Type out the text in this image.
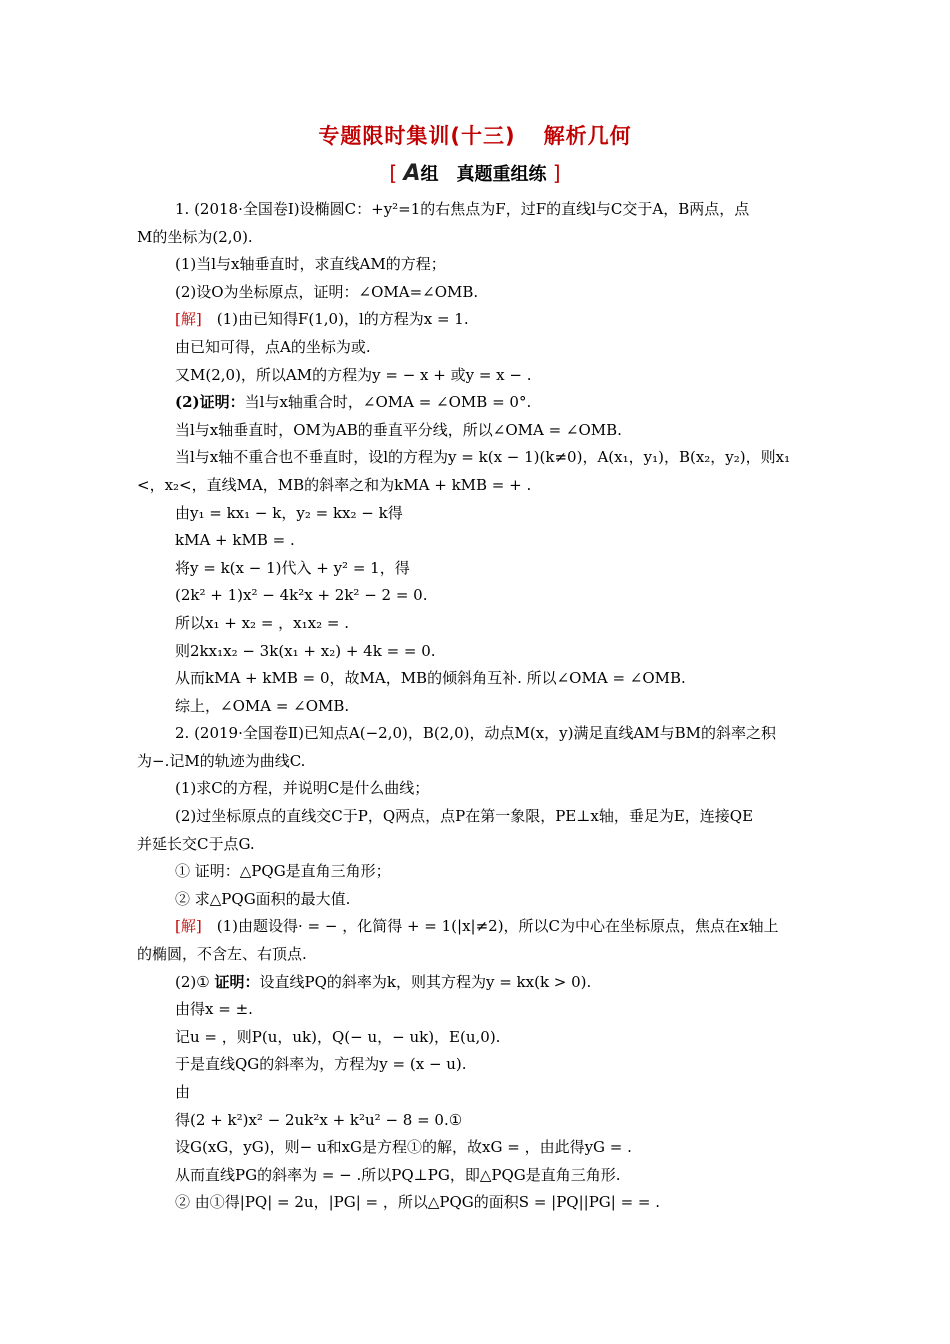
专题限时集训(十三) 解析几何
[ A组　真题重组练 ]

1. (2018·全国卷Ⅰ)设椭圆C：+y²=1的右焦点为F，过F的直线l与C交于A，B两点，点

M的坐标为(2,0).

(1)当l与x轴垂直时，求直线AM的方程；

(2)设O为坐标原点，证明：∠OMA=∠OMB.

[解]　 (1)由已知得F(1,0)，l的方程为x = 1.

由已知可得，点A的坐标为或.

又M(2,0)，所以AM的方程为y = − x + 或y = x − .

(2)证明：当l与x轴重合时，∠OMA = ∠OMB = 0°.

当l与x轴垂直时，OM为AB的垂直平分线，所以∠OMA = ∠OMB.

当l与x轴不重合也不垂直时，设l的方程为y = k(x − 1)(k≠0)，A(x₁，y₁)，B(x₂，y₂)，则x₁

<，x₂<，直线MA，MB的斜率之和为kMA + kMB = + .

由y₁ = kx₁ − k，y₂ = kx₂ − k得

kMA + kMB = .

将y = k(x − 1)代入 + y² = 1，得

(2k² + 1)x² − 4k²x + 2k² − 2 = 0.

所以x₁ + x₂ = ，x₁x₂ = .

则2kx₁x₂ − 3k(x₁ + x₂) + 4k = = 0.

从而kMA + kMB = 0，故MA，MB的倾斜角互补. 所以∠OMA = ∠OMB.

综上，∠OMA = ∠OMB.

2. (2019·全国卷Ⅱ)已知点A(−2,0)，B(2,0)，动点M(x，y)满足直线AM与BM的斜率之积

为−.记M的轨迹为曲线C.

(1)求C的方程，并说明C是什么曲线；

(2)过坐标原点的直线交C于P，Q两点，点P在第一象限，PE⊥x轴，垂足为E，连接QE

并延长交C于点G.

① 证明：△PQG是直角三角形；

② 求△PQG面积的最大值.

[解]　 (1)由题设得· = − ，化简得 + = 1(|x|≠2)，所以C为中心在坐标原点，焦点在x轴上

的椭圆，不含左、右顶点.

(2)① 证明：设直线PQ的斜率为k，则其方程为y = kx(k > 0).

由得x = ±.

记u = ，则P(u，uk)，Q(− u，− uk)，E(u,0).

于是直线QG的斜率为，方程为y = (x − u).

由

得(2 + k²)x² − 2uk²x + k²u² − 8 = 0.①

设G(xG，yG)，则− u和xG是方程①的解，故xG = ，由此得yG = .

从而直线PG的斜率为 = − .所以PQ⊥PG，即△PQG是直角三角形.

② 由①得|PQ| = 2u，|PG| = ，所以△PQG的面积S = |PQ||PG| = = .
